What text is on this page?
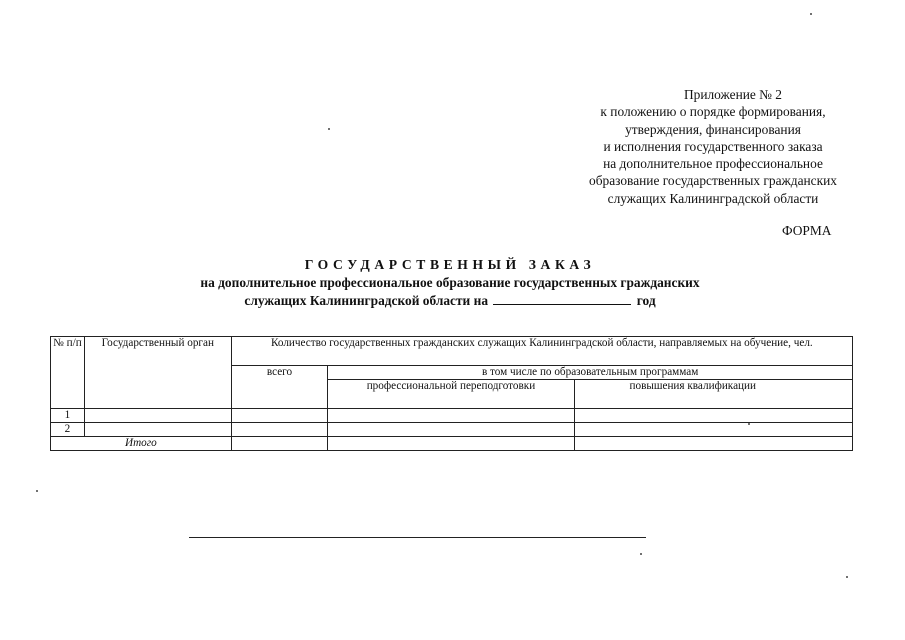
Приложение № 2
к положению о порядке формирования,
утверждения, финансирования
и исполнения государственного заказа
на дополнительное профессиональное
образование государственных гражданских
служащих Калининградской области
ФОРМА
ГОСУДАРСТВЕННЫЙ ЗАКАЗ
на дополнительное профессиональное образование государственных гражданских
служащих Калининградской области на	год
№ п/п	Государственный орган	Количество государственных гражданских служащих Калининградской области, направляемых на обучение, чел.		
		всего	в том числе по образовательным программам	
			профессиональной переподготовки	повышения квалификации
1				
2				
Итого				
